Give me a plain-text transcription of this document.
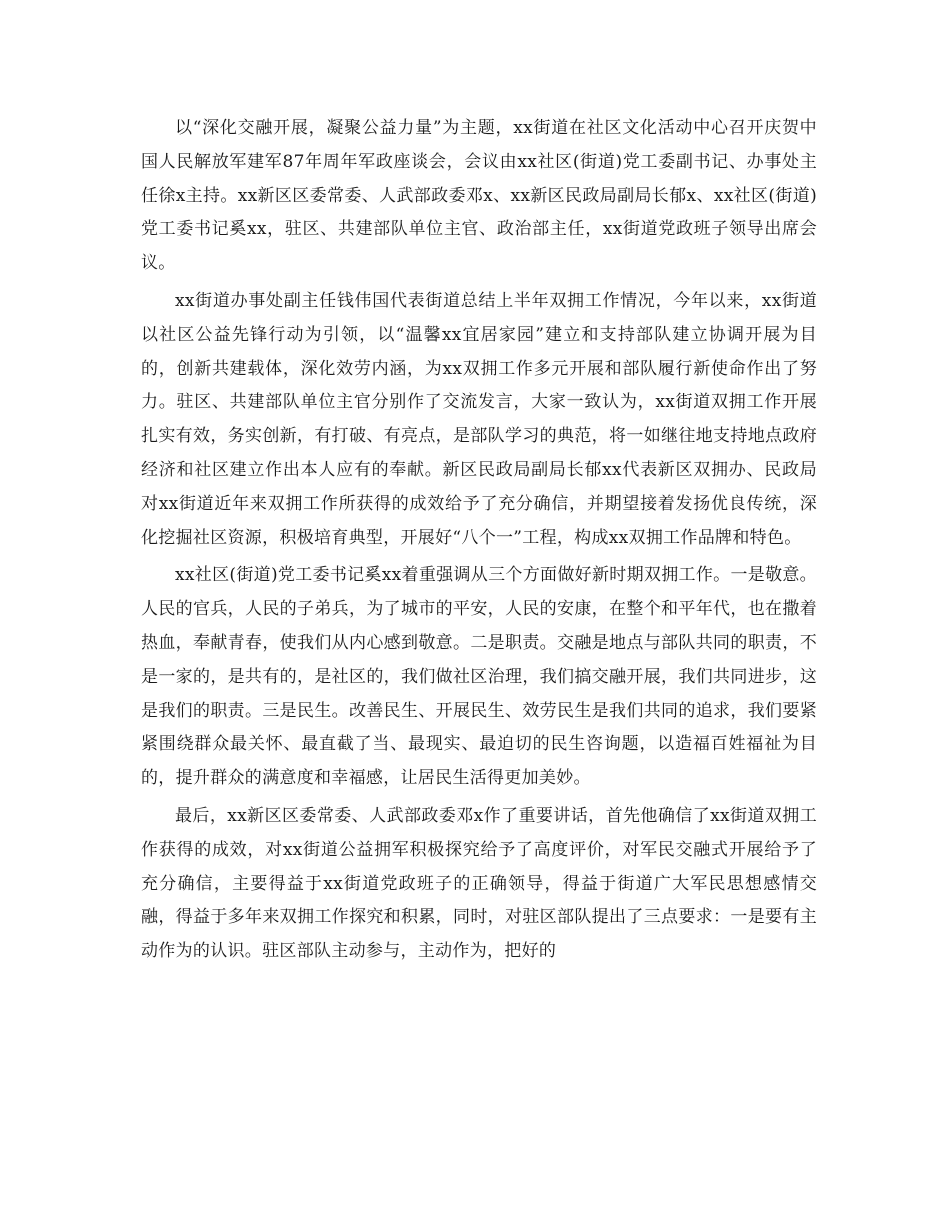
以“深化交融开展，凝聚公益力量”为主题，xx街道在社区文化活动中心召开庆贺中国人民解放军建军87年周年军政座谈会，会议由xx社区(街道)党工委副书记、办事处主任徐x主持。xx新区区委常委、人武部政委邓x、xx新区民政局副局长郁x、xx社区(街道)党工委书记奚xx，驻区、共建部队单位主官、政治部主任，xx街道党政班子领导出席会议。

xx街道办事处副主任钱伟国代表街道总结上半年双拥工作情况，今年以来，xx街道以社区公益先锋行动为引领，以“温馨xx宜居家园”建立和支持部队建立协调开展为目的，创新共建载体，深化效劳内涵，为xx双拥工作多元开展和部队履行新使命作出了努力。驻区、共建部队单位主官分别作了交流发言，大家一致认为，xx街道双拥工作开展扎实有效，务实创新，有打破、有亮点，是部队学习的典范，将一如继往地支持地点政府经济和社区建立作出本人应有的奉献。新区民政局副局长郁xx代表新区双拥办、民政局对xx街道近年来双拥工作所获得的成效给予了充分确信，并期望接着发扬优良传统，深化挖掘社区资源，积极培育典型，开展好“八个一”工程，构成xx双拥工作品牌和特色。

xx社区(街道)党工委书记奚xx着重强调从三个方面做好新时期双拥工作。一是敬意。人民的官兵，人民的子弟兵，为了城市的平安，人民的安康，在整个和平年代，也在撒着热血，奉献青春，使我们从内心感到敬意。二是职责。交融是地点与部队共同的职责，不是一家的，是共有的，是社区的，我们做社区治理，我们搞交融开展，我们共同进步，这是我们的职责。三是民生。改善民生、开展民生、效劳民生是我们共同的追求，我们要紧紧围绕群众最关怀、最直截了当、最现实、最迫切的民生咨询题，以造福百姓福祉为目的，提升群众的满意度和幸福感，让居民生活得更加美妙。

最后，xx新区区委常委、人武部政委邓x作了重要讲话，首先他确信了xx街道双拥工作获得的成效，对xx街道公益拥军积极探究给予了高度评价，对军民交融式开展给予了充分确信，主要得益于xx街道党政班子的正确领导，得益于街道广大军民思想感情交融，得益于多年来双拥工作探究和积累，同时，对驻区部队提出了三点要求：一是要有主动作为的认识。驻区部队主动参与，主动作为，把好的
